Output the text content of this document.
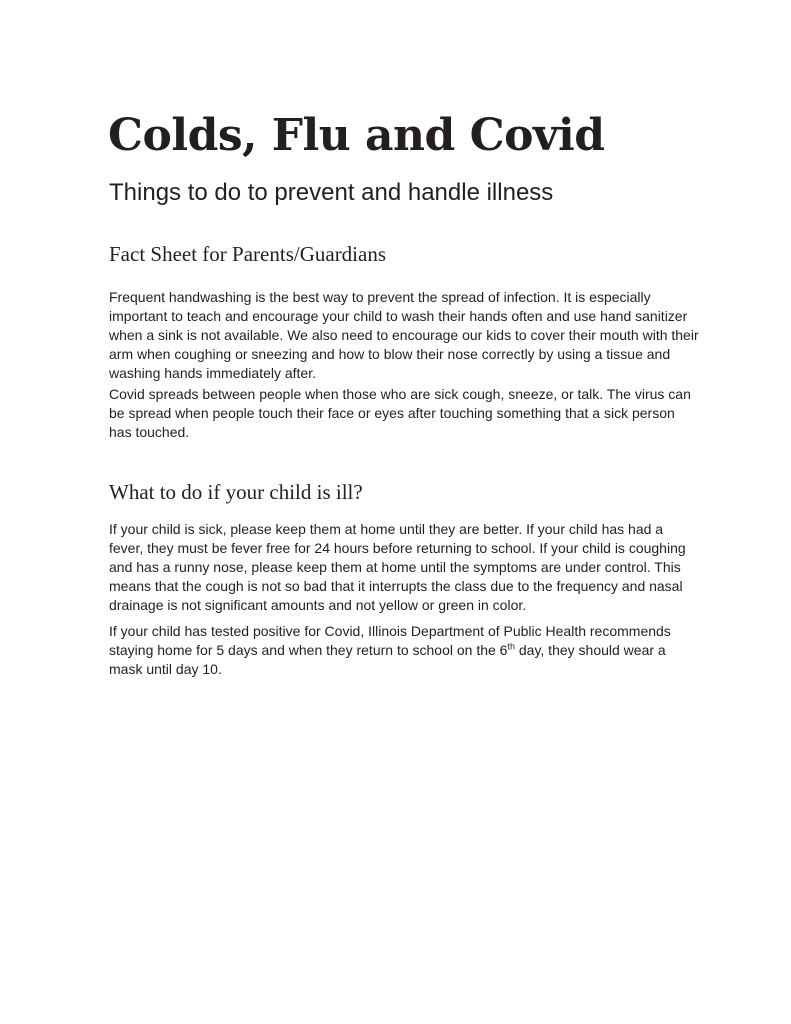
Colds, Flu and Covid
Things to do to prevent and handle illness
Fact Sheet for Parents/Guardians

Frequent handwashing is the best way to prevent the spread of infection. It is especially important to teach and encourage your child to wash their hands often and use hand sanitizer when a sink is not available. We also need to encourage our kids to cover their mouth with their arm when coughing or sneezing and how to blow their nose correctly by using a tissue and washing hands immediately after.

Covid spreads between people when those who are sick cough, sneeze, or talk. The virus can be spread when people touch their face or eyes after touching something that a sick person has touched.

What to do if your child is ill?

If your child is sick, please keep them at home until they are better. If your child has had a fever, they must be fever free for 24 hours before returning to school. If your child is coughing and has a runny nose, please keep them at home until the symptoms are under control. This means that the cough is not so bad that it interrupts the class due to the frequency and nasal drainage is not significant amounts and not yellow or green in color.

If your child has tested positive for Covid, Illinois Department of Public Health recommends staying home for 5 days and when they return to school on the 6th day, they should wear a mask until day 10.
